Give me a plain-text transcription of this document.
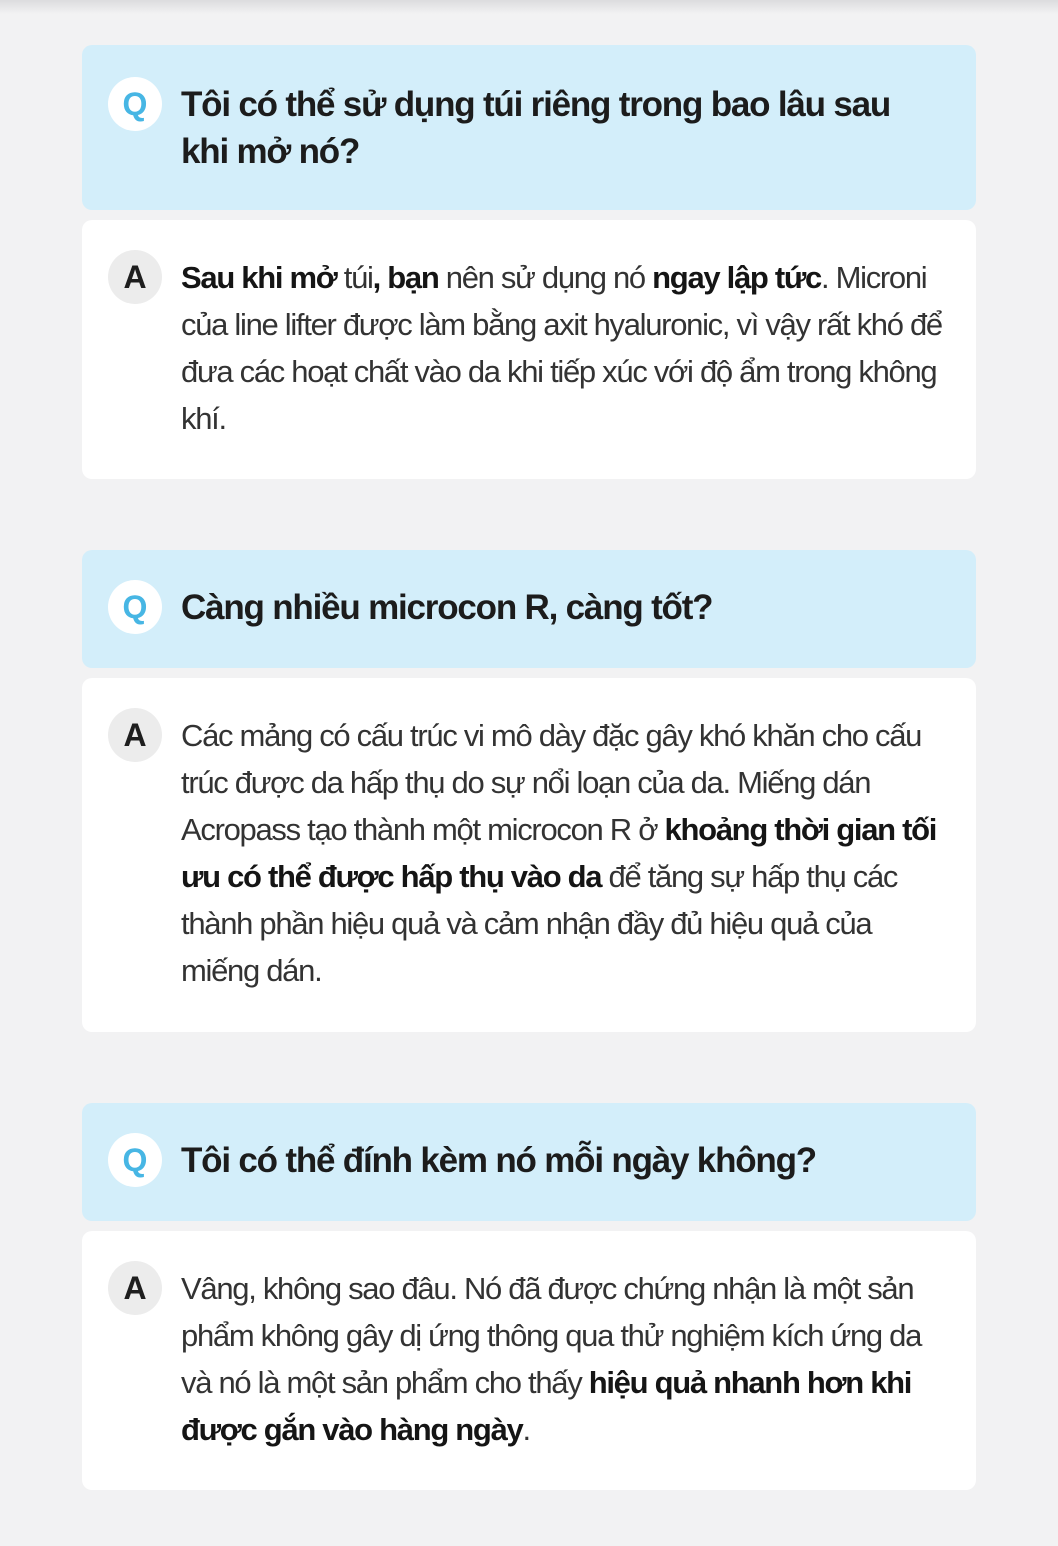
Q Tôi có thể sử dụng túi riêng trong bao lâu sau khi mở nó?
A	Sau khi mở túi, bạn nên sử dụng nó ngay lập tức. Microni của line lifter được làm bằng axit hyaluronic, vì vậy rất khó để đưa các hoạt chất vào da khi tiếp xúc với độ ẩm trong không khí.
Q Càng nhiều microcon R, càng tốt?
A	Các mảng có cấu trúc vi mô dày đặc gây khó khăn cho cấu trúc được da hấp thụ do sự nổi loạn của da. Miếng dán Acropass tạo thành một microcon R ở khoảng thời gian tối ưu có thể được hấp thụ vào da để tăng sự hấp thụ các thành phần hiệu quả và cảm nhận đầy đủ hiệu quả của miếng dán.
Q Tôi có thể đính kèm nó mỗi ngày không?
A	Vâng, không sao đâu. Nó đã được chứng nhận là một sản phẩm không gây dị ứng thông qua thử nghiệm kích ứng da và nó là một sản phẩm cho thấy hiệu quả nhanh hơn khi được gắn vào hàng ngày.
